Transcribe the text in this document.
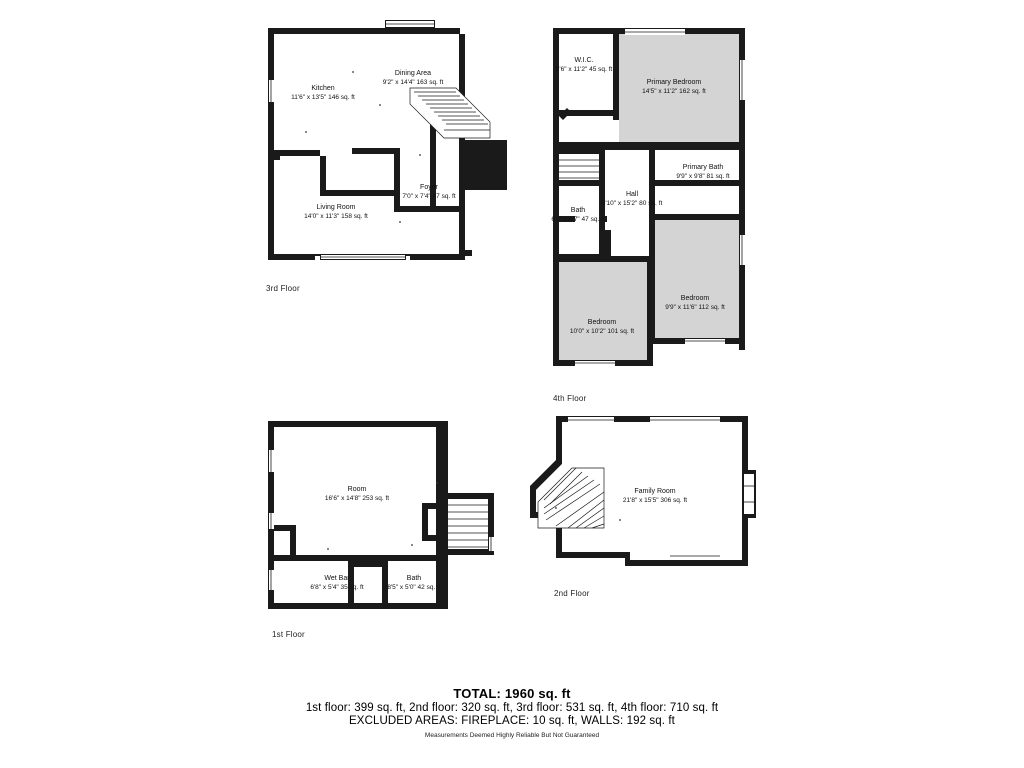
Kitchen
11'6" x 13'5" 146 sq. ft
Dining Area
9'2" x 14'4" 163 sq. ft
Foyer
7'0" x 7'4" 47 sq. ft
Living Room
14'0" x 11'3" 158 sq. ft
3rd Floor
W.I.C.
5'6" x 11'2" 45 sq. ft
Primary Bedroom
14'5" x 11'2" 162 sq. ft
Primary Bath
9'9" x 9'8" 81 sq. ft
Hall
5'10" x 15'2" 80 sq. ft
Bath
6'0" x 8'7" 47 sq. ft
Bedroom
10'0" x 10'2" 101 sq. ft
Bedroom
9'9" x 11'6" 112 sq. ft
4th Floor
Room
16'6" x 14'8" 253 sq. ft
Wet Bar
6'8" x 5'4" 35 sq. ft
Bath
8'5" x 5'0" 42 sq. ft
1st Floor
Family Room
21'8" x 15'5" 306 sq. ft
2nd Floor
TOTAL: 1960 sq. ft
1st floor: 399 sq. ft, 2nd floor: 320 sq. ft, 3rd floor: 531 sq. ft, 4th floor: 710 sq. ft
EXCLUDED AREAS: FIREPLACE: 10 sq. ft, WALLS: 192 sq. ft
Measurements Deemed Highly Reliable But Not Guaranteed
